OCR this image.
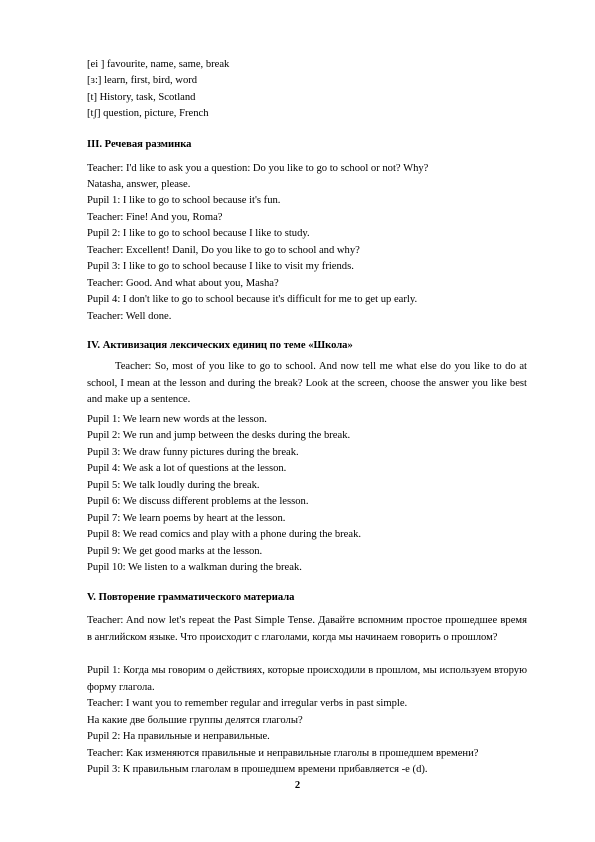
[ei ] favourite, name, same, break
[ɜ:] learn, first, bird, word
[t] History, task, Scotland
[tʃ] question, picture, French
III. Речевая разминка
Teacher: I'd like to ask you a question: Do you like to go to school or not? Why?
Natasha, answer, please.
Pupil 1: I like to go to school because it's fun.
Teacher: Fine! And you, Roma?
Pupil 2: I like to go to school because I like to study.
Teacher: Excellent! Danil, Do you like to go to school and why?
Pupil 3: I like to go to school because I like to visit my friends.
Teacher: Good. And what about you, Masha?
Pupil 4: I don't like to go to school because it's difficult for me to get up early.
Teacher: Well done.
IV. Активизация лексических единиц по теме «Школа»
Teacher: So, most of you like to go to school. And now tell me what else do you like to do at school, I mean at the lesson and during the break? Look at the screen, choose the answer you like best and make up a sentence.
Pupil 1: We learn new words at the lesson.
Pupil 2: We run and jump between the desks during the break.
Pupil 3: We draw funny pictures during the break.
Pupil 4: We ask a lot of questions at the lesson.
Pupil 5: We talk loudly during the break.
Pupil 6: We discuss different problems at the lesson.
Pupil 7: We learn poems by heart at the lesson.
Pupil 8: We read comics and play with a phone during the break.
Pupil 9: We get good marks at the lesson.
Pupil 10: We listen to a walkman during the break.
V. Повторение грамматического материала
Teacher: And now let's repeat the Past Simple Tense. Давайте вспомним простое прошедшее время в английском языке. Что происходит с глаголами, когда мы начинаем говорить о прошлом?
Pupil 1: Когда мы говорим о действиях, которые происходили в прошлом, мы используем вторую форму глагола.
Teacher: I want you to remember regular and irregular verbs in past simple.
На какие две большие группы делятся глаголы?
Pupil 2: На правильные и неправильные.
Teacher: Как изменяются правильные и неправильные глаголы в прошедшем времени?
Pupil 3: К правильным глаголам в прошедшем времени прибавляется -e (d).
2
